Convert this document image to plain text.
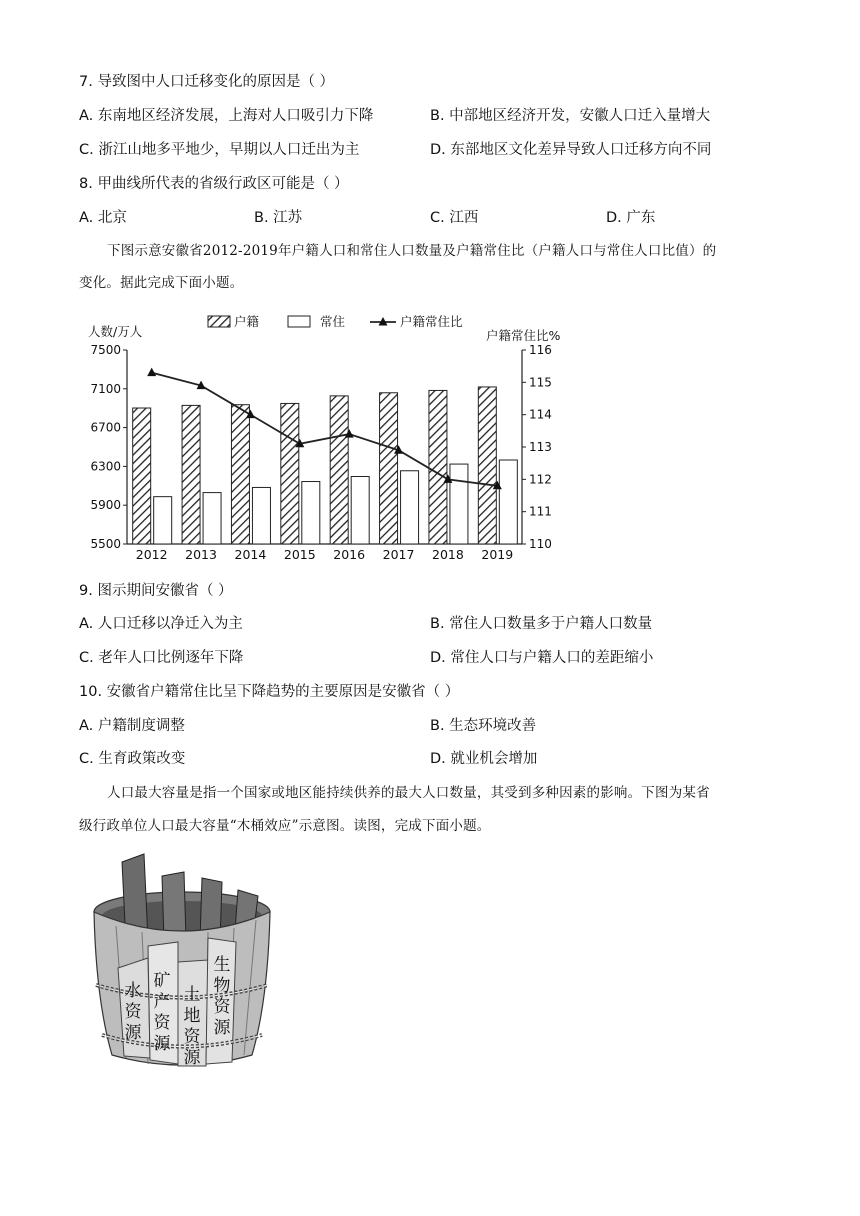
7. 导致图中人口迁移变化的原因是（ ）
A. 东南地区经济发展，上海对人口吸引力下降	B. 中部地区经济开发，安徽人口迁入量增大
C. 浙江山地多平地少，早期以人口迁出为主	D. 东部地区文化差异导致人口迁移方向不同
8. 甲曲线所代表的省级行政区可能是（ ）
A. 北京	B. 江苏	C. 江西	D. 广东
下图示意安徽省2012-2019年户籍人口和常住人口数量及户籍常住比（户籍人口与常住人口比值）的
变化。据此完成下面小题。
户籍	常住	户籍常住比
7500
7100
6700
6300
5900
5500
116
115
114
113
112
111
110
人数/万人	户籍常住比%
2012 2013 2014 2015 2016 2017 2018 2019
9. 图示期间安徽省（ ）
A. 人口迁移以净迁入为主	B. 常住人口数量多于户籍人口数量
C. 老年人口比例逐年下降	D. 常住人口与户籍人口的差距缩小
10. 安徽省户籍常住比呈下降趋势的主要原因是安徽省（ ）
A. 户籍制度调整	B. 生态环境改善
C. 生育政策改变	D. 就业机会增加
人口最大容量是指一个国家或地区能持续供养的最大人口数量，其受到多种因素的影响。下图为某省
级行政单位人口最大容量“木桶效应”示意图。读图，完成下面小题。
水资源
矿产资源
土地资源
生物资源
